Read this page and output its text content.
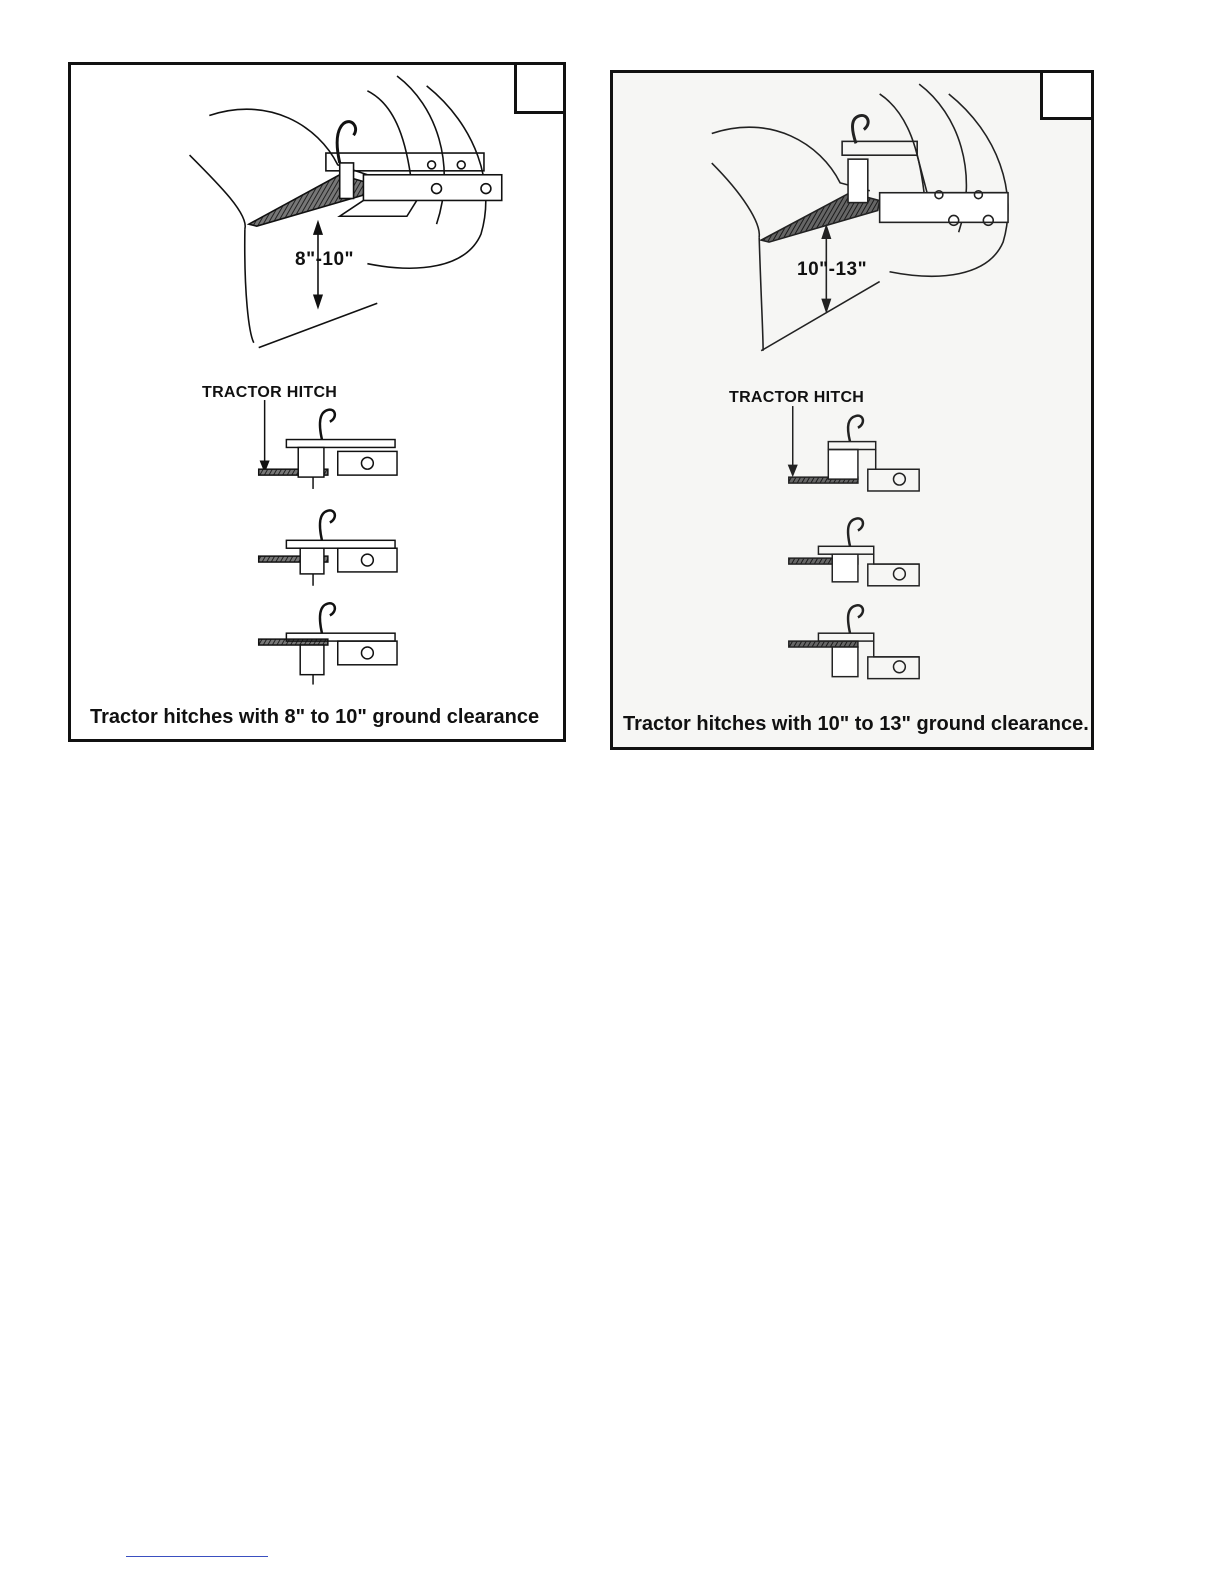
8"-10"
TRACTOR HITCH
Tractor hitches with 8" to 10" ground clearance
10"-13"
TRACTOR HITCH
Tractor hitches with 10" to 13" ground clearance.
